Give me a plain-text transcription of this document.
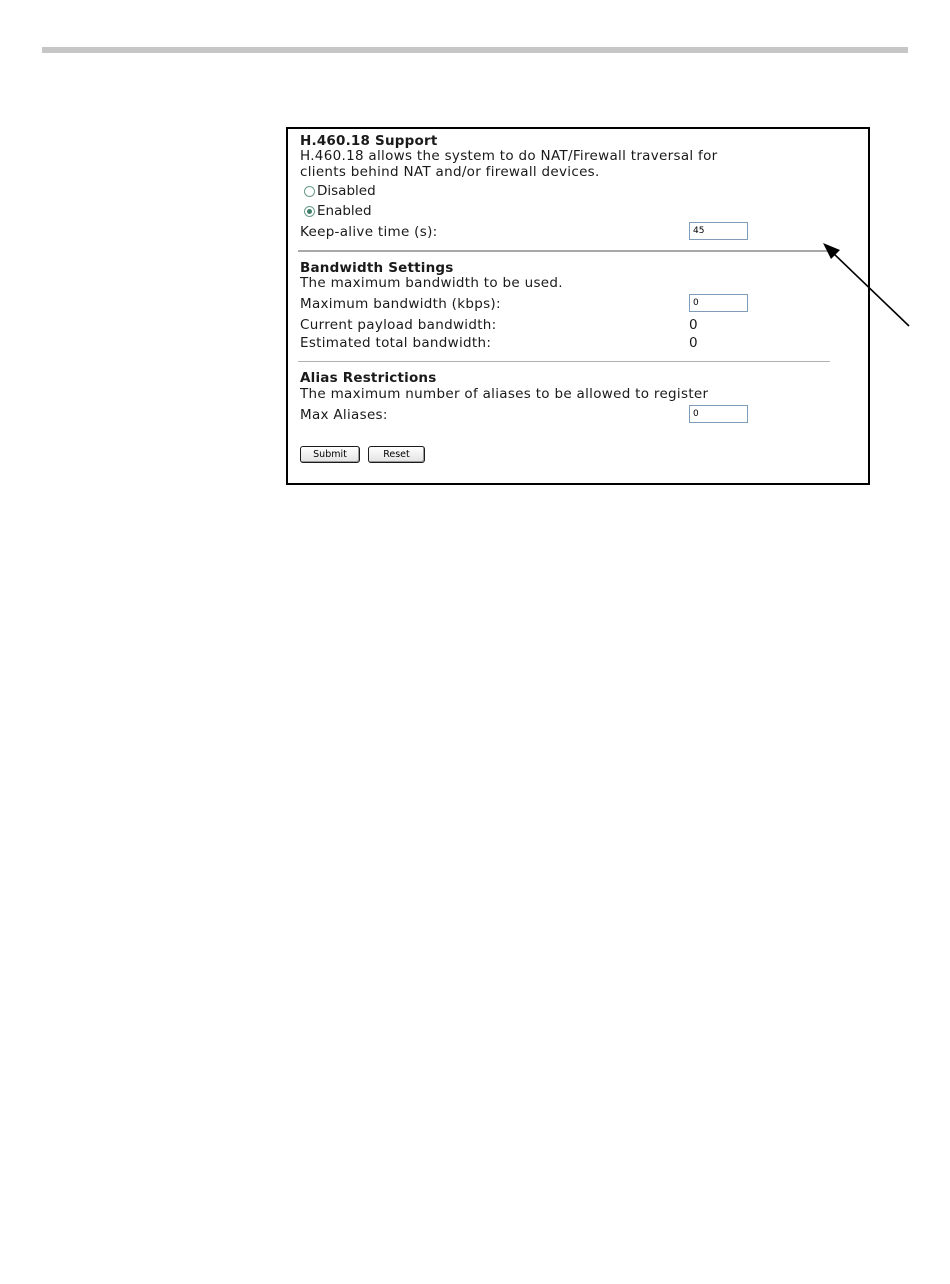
H.460.18 Support
H.460.18 allows the system to do NAT/Firewall traversal for
clients behind NAT and/or firewall devices.
Disabled
Enabled
Keep-alive time (s):
45
Bandwidth Settings
The maximum bandwidth to be used.
Maximum bandwidth (kbps):
0
Current payload bandwidth:	0
Estimated total bandwidth:	0
Alias Restrictions
The maximum number of aliases to be allowed to register
Max Aliases:
0
Submit	Reset
